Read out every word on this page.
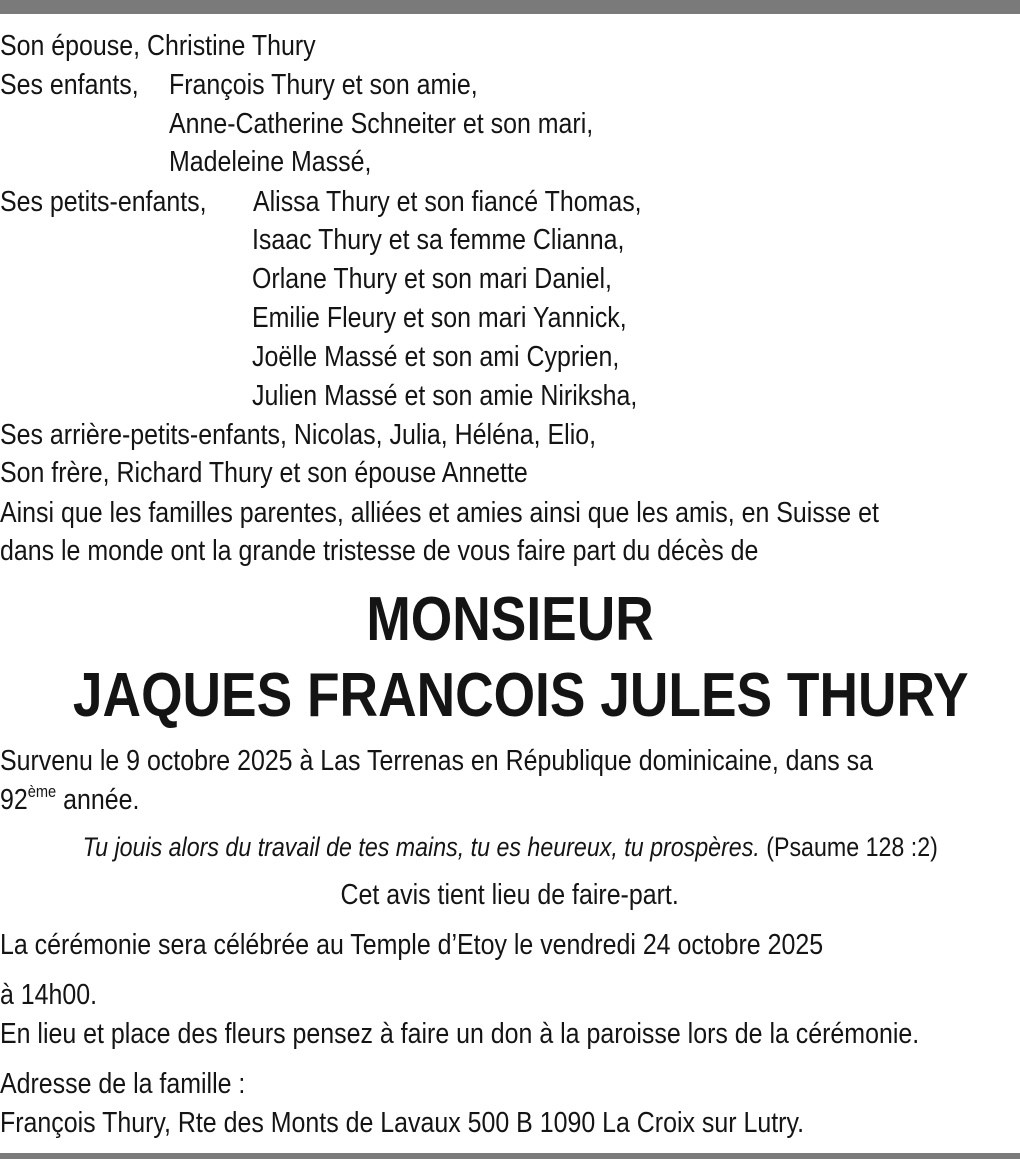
Son épouse, Christine Thury
Ses enfants, François Thury et son amie,
Anne-Catherine Schneiter et son mari,
Madeleine Massé,
Ses petits-enfants, Alissa Thury et son fiancé Thomas,
Isaac Thury et sa femme Clianna,
Orlane Thury et son mari Daniel,
Emilie Fleury et son mari Yannick,
Joëlle Massé et son ami Cyprien,
Julien Massé et son amie Niriksha,
Ses arrière-petits-enfants, Nicolas, Julia, Héléna, Elio,
Son frère, Richard Thury et son épouse Annette
Ainsi que les familles parentes, alliées et amies ainsi que les amis, en Suisse et
dans le monde ont la grande tristesse de vous faire part du décès de
MONSIEUR
JAQUES FRANCOIS JULES THURY
Survenu le 9 octobre 2025 à Las Terrenas en République dominicaine, dans sa
92ème année.
Tu jouis alors du travail de tes mains, tu es heureux, tu prospères. (Psaume 128 :2)
Cet avis tient lieu de faire-part.
La cérémonie sera célébrée au Temple d’Etoy le vendredi 24 octobre 2025
à 14h00.
En lieu et place des fleurs pensez à faire un don à la paroisse lors de la cérémonie.
Adresse de la famille :
François Thury, Rte des Monts de Lavaux 500 B 1090 La Croix sur Lutry.
